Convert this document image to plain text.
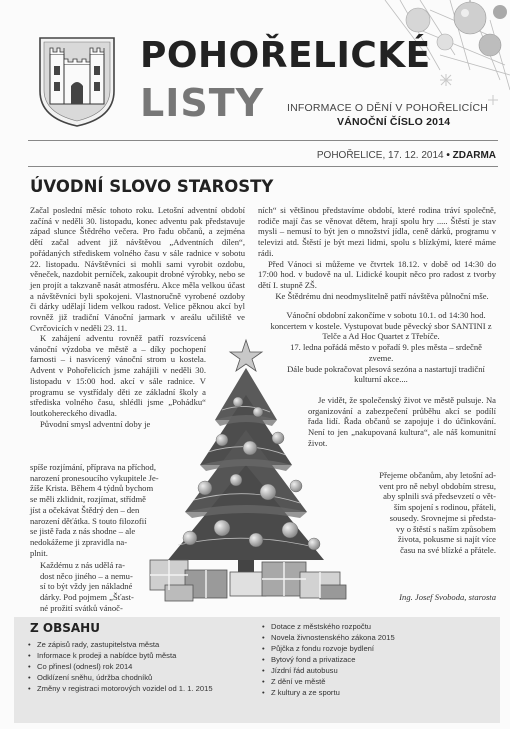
POHOŘELICKÉ
LISTY INFORMACE O DĚNÍ V POHOŘELICÍCH
VÁNOČNÍ ČÍSLO 2014
POHOŘELICE, 17. 12. 2014 • ZDARMA
ÚVODNÍ SLOVO STAROSTY

Začal poslední měsíc tohoto roku. Letošní adventní období začíná v neděli 30. listopadu, konec adventu pak představuje západ slunce Štědrého večera. Pro řadu občanů, a zejména dětí začal advent již návštěvou „Adventních dílen“, pořádaných střediskem volného času v sále radnice v sobotu 22. listopadu. Návštěvníci si mohli sami vyrobit ozdobu, věneček, nazdobit perníček, zakoupit drobné výrobky, nebo se jen projít a takzvaně nasát atmosféru. Akce měla velkou účast a návštěvníci byli spokojeni. Vlastnoručně vyrobené ozdoby či dárky udělají lidem velkou radost. Velice pěknou akcí byl rovněž již tradiční Vánoční jarmark v areálu učiliště ve Cvrčovicích v neděli 23. 11.

K zahájení adventu rovněž patří rozsvícená vánoční výzdoba ve městě a – díky pochopení farnosti – i nasvícený vánoční strom u kostela. Advent v Pohořelicích jsme zahájili v neděli 30. listopadu v 15:00 hod. akcí v sále radnice. V programu se vystřídaly děti ze základní školy a střediska volného času, shlédli jsme „Pohádku“ loutkohereckého divadla.

Původní smysl adventní doby je

spíše rozjímání, příprava na příchod,
narození pronesoucího vykupitele Je-
žíše Krista. Během 4 týdnů bychom
se měli zklidnit, rozjímat, střídmě
jíst a očekávat Štědrý den – den
narození děťátka. S touto filozofií
se jistě řada z nás shodne – ale
nedokážeme ji zpravidla na-
plnit.
Každému z nás udělá ra-
dost něco jiného – a nemu-
sí to být vždy jen nákladné
dárky. Pod pojmem „Šťast-
né prožití svátků vánoč-

ních“ si většinou představíme období, které rodina tráví společně, rodiče mají čas se věnovat dětem, hrají spolu hry ..... Štěstí je stav mysli – nemusí to být jen o množství jídla, ceně dárků, programu v televizi atd. Štěstí je být mezi lidmi, spolu s blízkými, které máme rádi.

Před Vánoci si můžeme ve čtvrtek 18.12. v době od 14:30 do 17:00 hod. v budově na ul. Lidické koupit něco pro radost z tvorby dětí I. stupně ZŠ.

Ke Štědrému dni neodmyslitelně patří návštěva půlnoční mše.

Vánoční obdobní zakončíme v sobotu 10.1. od 14:30 hod. koncertem v kostele. Vystupovat bude pěvecký sbor SANTINI z Telče a Ad Hoc Quartet z Třebíče.

17. ledna pořádá město v pořadí 9. ples města – srdečně zveme.

Dále bude pokračovat plesová sezóna a nastartují tradiční kulturní akce....

Je vidět, že společenský život ve městě pulsuje. Na organizování a zabezpečení průběhu akcí se podílí řada lidí. Řada občanů se zapojuje i do účinkování. Není to jen „nakupovaná kultura“, ale náš komunitní život.

Přejeme občanům, aby letošní ad-
vent pro ně nebyl obdobím stresu,
aby splnili svá předsevzetí o vět-
ším spojení s rodinou, přáteli,
sousedy. Srovnejme si předsta-
vy o štěstí s naším způsobem
života, pokusme si najít více
času na své blízké a přátele.
Ing. Josef Svoboda, starosta
Z OBSAHU
• Ze zápisů rady, zastupitelstva města
• Informace k prodeji a nabídce bytů města
• Co přinesl (odnesl) rok 2014
• Odklízení sněhu, údržba chodníků
• Změny v registraci motorových vozidel od 1. 1. 2015
• Dotace z městského rozpočtu
• Novela živnostenského zákona 2015
• Půjčka z fondu rozvoje bydlení
• Bytový fond a privatizace
• Jízdní řád autobusu
• Z dění ve městě
• Z kultury a ze sportu
